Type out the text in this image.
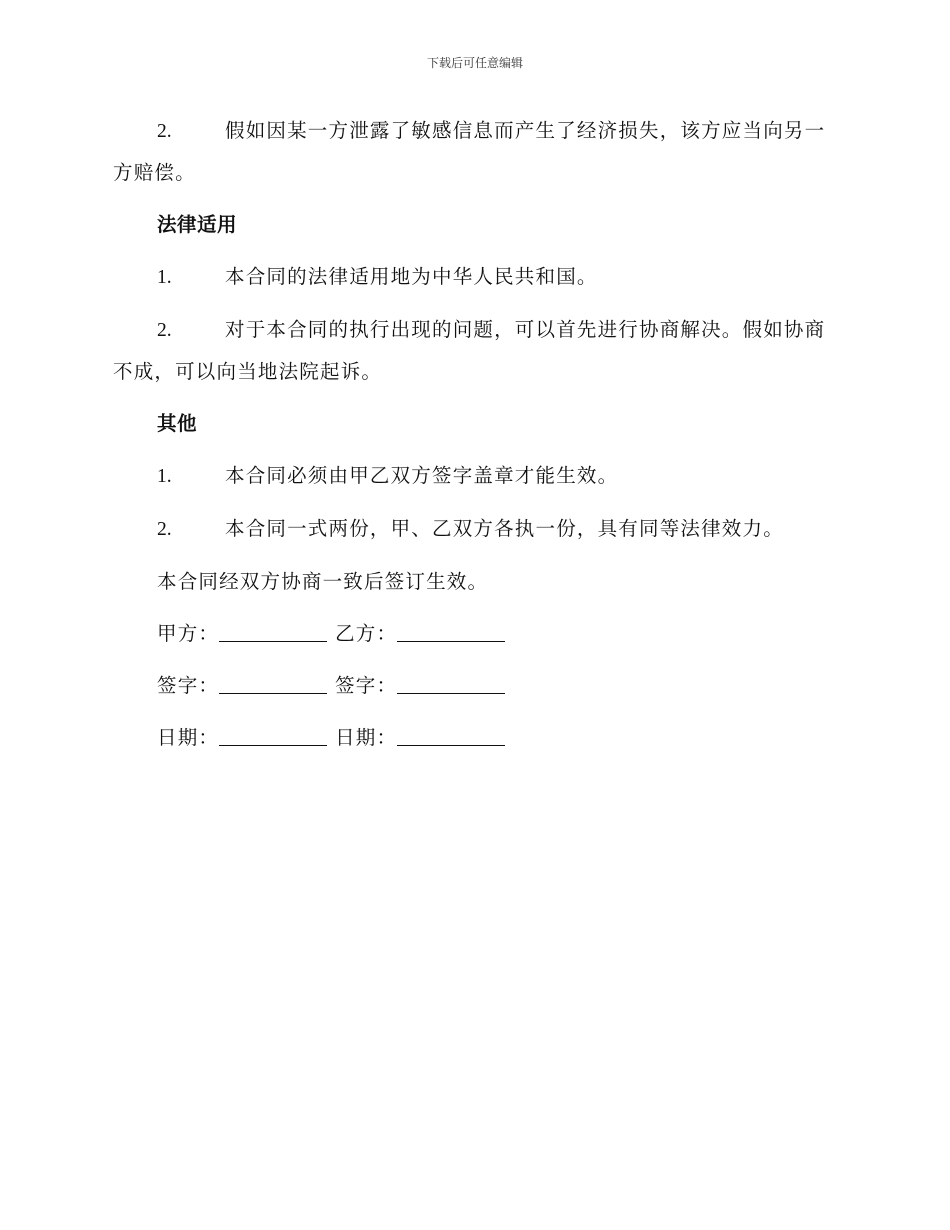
下载后可任意编辑

2.	假如因某一方泄露了敏感信息而产生了经济损失，该方应当向另一方赔偿。

法律适用

1.	本合同的法律适用地为中华人民共和国。

2.	对于本合同的执行出现的问题，可以首先进行协商解决。假如协商不成，可以向当地法院起诉。

其他

1.	本合同必须由甲乙双方签字盖章才能生效。

2.	本合同一式两份，甲、乙双方各执一份，具有同等法律效力。

本合同经双方协商一致后签订生效。
甲方：	乙方：
签字：	签字：
日期：	日期：
